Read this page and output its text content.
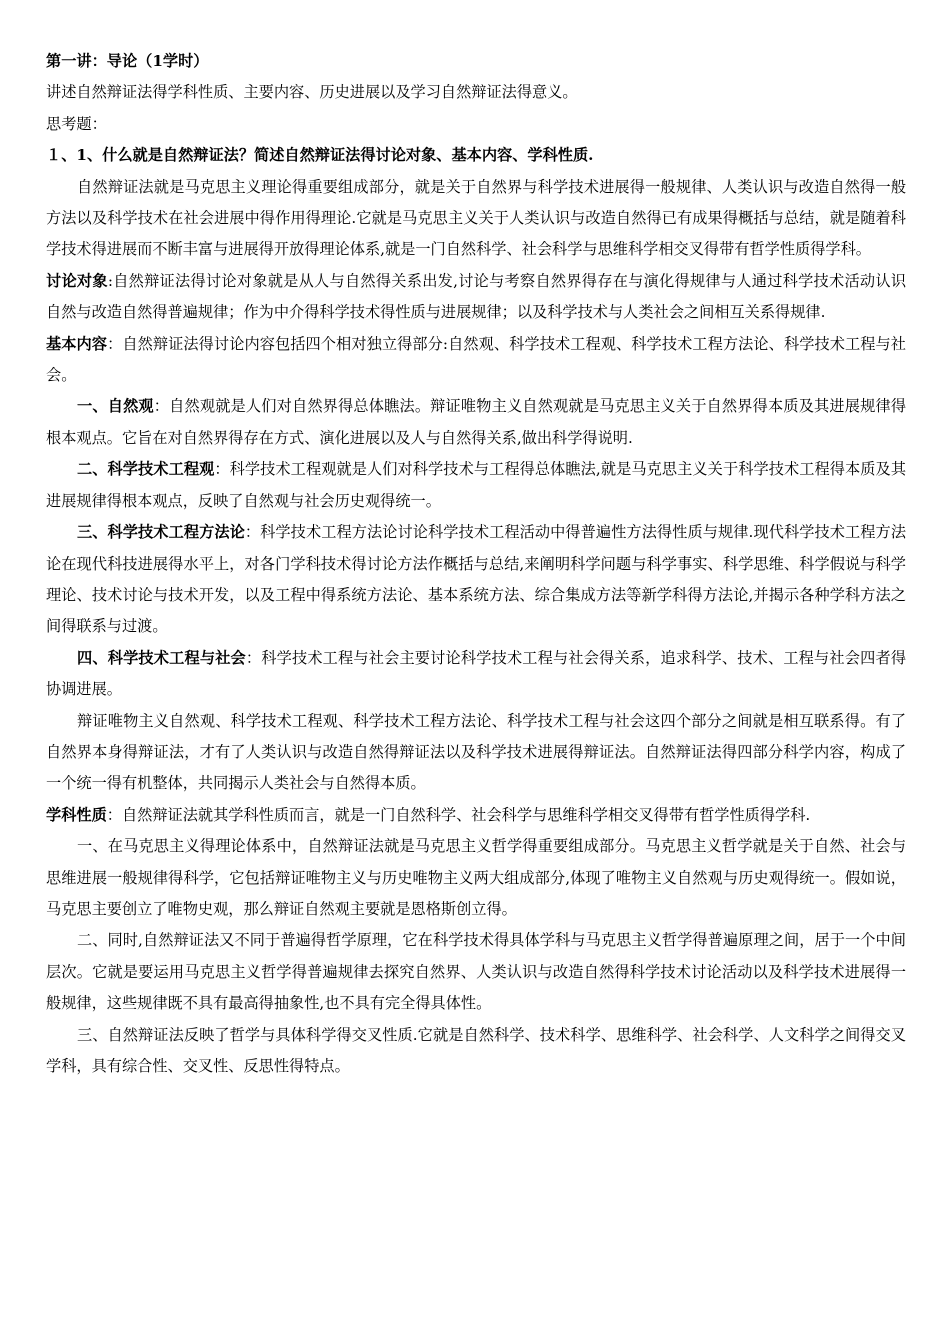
第一讲：导论（1学时）

讲述自然辩证法得学科性质、主要内容、历史进展以及学习自然辩证法得意义。

思考题：

１、1、什么就是自然辩证法？简述自然辩证法得讨论对象、基本内容、学科性质.

自然辩证法就是马克思主义理论得重要组成部分，就是关于自然界与科学技术进展得一般规律、人类认识与改造自然得一般方法以及科学技术在社会进展中得作用得理论.它就是马克思主义关于人类认识与改造自然得已有成果得概括与总结，就是随着科学技术得进展而不断丰富与进展得开放得理论体系,就是一门自然科学、社会科学与思维科学相交叉得带有哲学性质得学科。

讨论对象:自然辩证法得讨论对象就是从人与自然得关系出发,讨论与考察自然界得存在与演化得规律与人通过科学技术活动认识自然与改造自然得普遍规律；作为中介得科学技术得性质与进展规律；以及科学技术与人类社会之间相互关系得规律.

基本内容：自然辩证法得讨论内容包括四个相对独立得部分:自然观、科学技术工程观、科学技术工程方法论、科学技术工程与社会。

一、自然观：自然观就是人们对自然界得总体瞧法。辩证唯物主义自然观就是马克思主义关于自然界得本质及其进展规律得根本观点。它旨在对自然界得存在方式、演化进展以及人与自然得关系,做出科学得说明.

二、科学技术工程观：科学技术工程观就是人们对科学技术与工程得总体瞧法,就是马克思主义关于科学技术工程得本质及其进展规律得根本观点，反映了自然观与社会历史观得统一。

三、科学技术工程方法论：科学技术工程方法论讨论科学技术工程活动中得普遍性方法得性质与规律.现代科学技术工程方法论在现代科技进展得水平上，对各门学科技术得讨论方法作概括与总结,来阐明科学问题与科学事实、科学思维、科学假说与科学理论、技术讨论与技术开发，以及工程中得系统方法论、基本系统方法、综合集成方法等新学科得方法论,并揭示各种学科方法之间得联系与过渡。

四、科学技术工程与社会：科学技术工程与社会主要讨论科学技术工程与社会得关系，追求科学、技术、工程与社会四者得协调进展。

辩证唯物主义自然观、科学技术工程观、科学技术工程方法论、科学技术工程与社会这四个部分之间就是相互联系得。有了自然界本身得辩证法，才有了人类认识与改造自然得辩证法以及科学技术进展得辩证法。自然辩证法得四部分科学内容，构成了一个统一得有机整体，共同揭示人类社会与自然得本质。

学科性质：自然辩证法就其学科性质而言，就是一门自然科学、社会科学与思维科学相交叉得带有哲学性质得学科.

一、在马克思主义得理论体系中，自然辩证法就是马克思主义哲学得重要组成部分。马克思主义哲学就是关于自然、社会与思维进展一般规律得科学，它包括辩证唯物主义与历史唯物主义两大组成部分,体现了唯物主义自然观与历史观得统一。假如说，马克思主要创立了唯物史观，那么辩证自然观主要就是恩格斯创立得。

二、同时,自然辩证法又不同于普遍得哲学原理，它在科学技术得具体学科与马克思主义哲学得普遍原理之间，居于一个中间层次。它就是要运用马克思主义哲学得普遍规律去探究自然界、人类认识与改造自然得科学技术讨论活动以及科学技术进展得一般规律，这些规律既不具有最高得抽象性,也不具有完全得具体性。

三、自然辩证法反映了哲学与具体科学得交叉性质.它就是自然科学、技术科学、思维科学、社会科学、人文科学之间得交叉学科，具有综合性、交叉性、反思性得特点。
